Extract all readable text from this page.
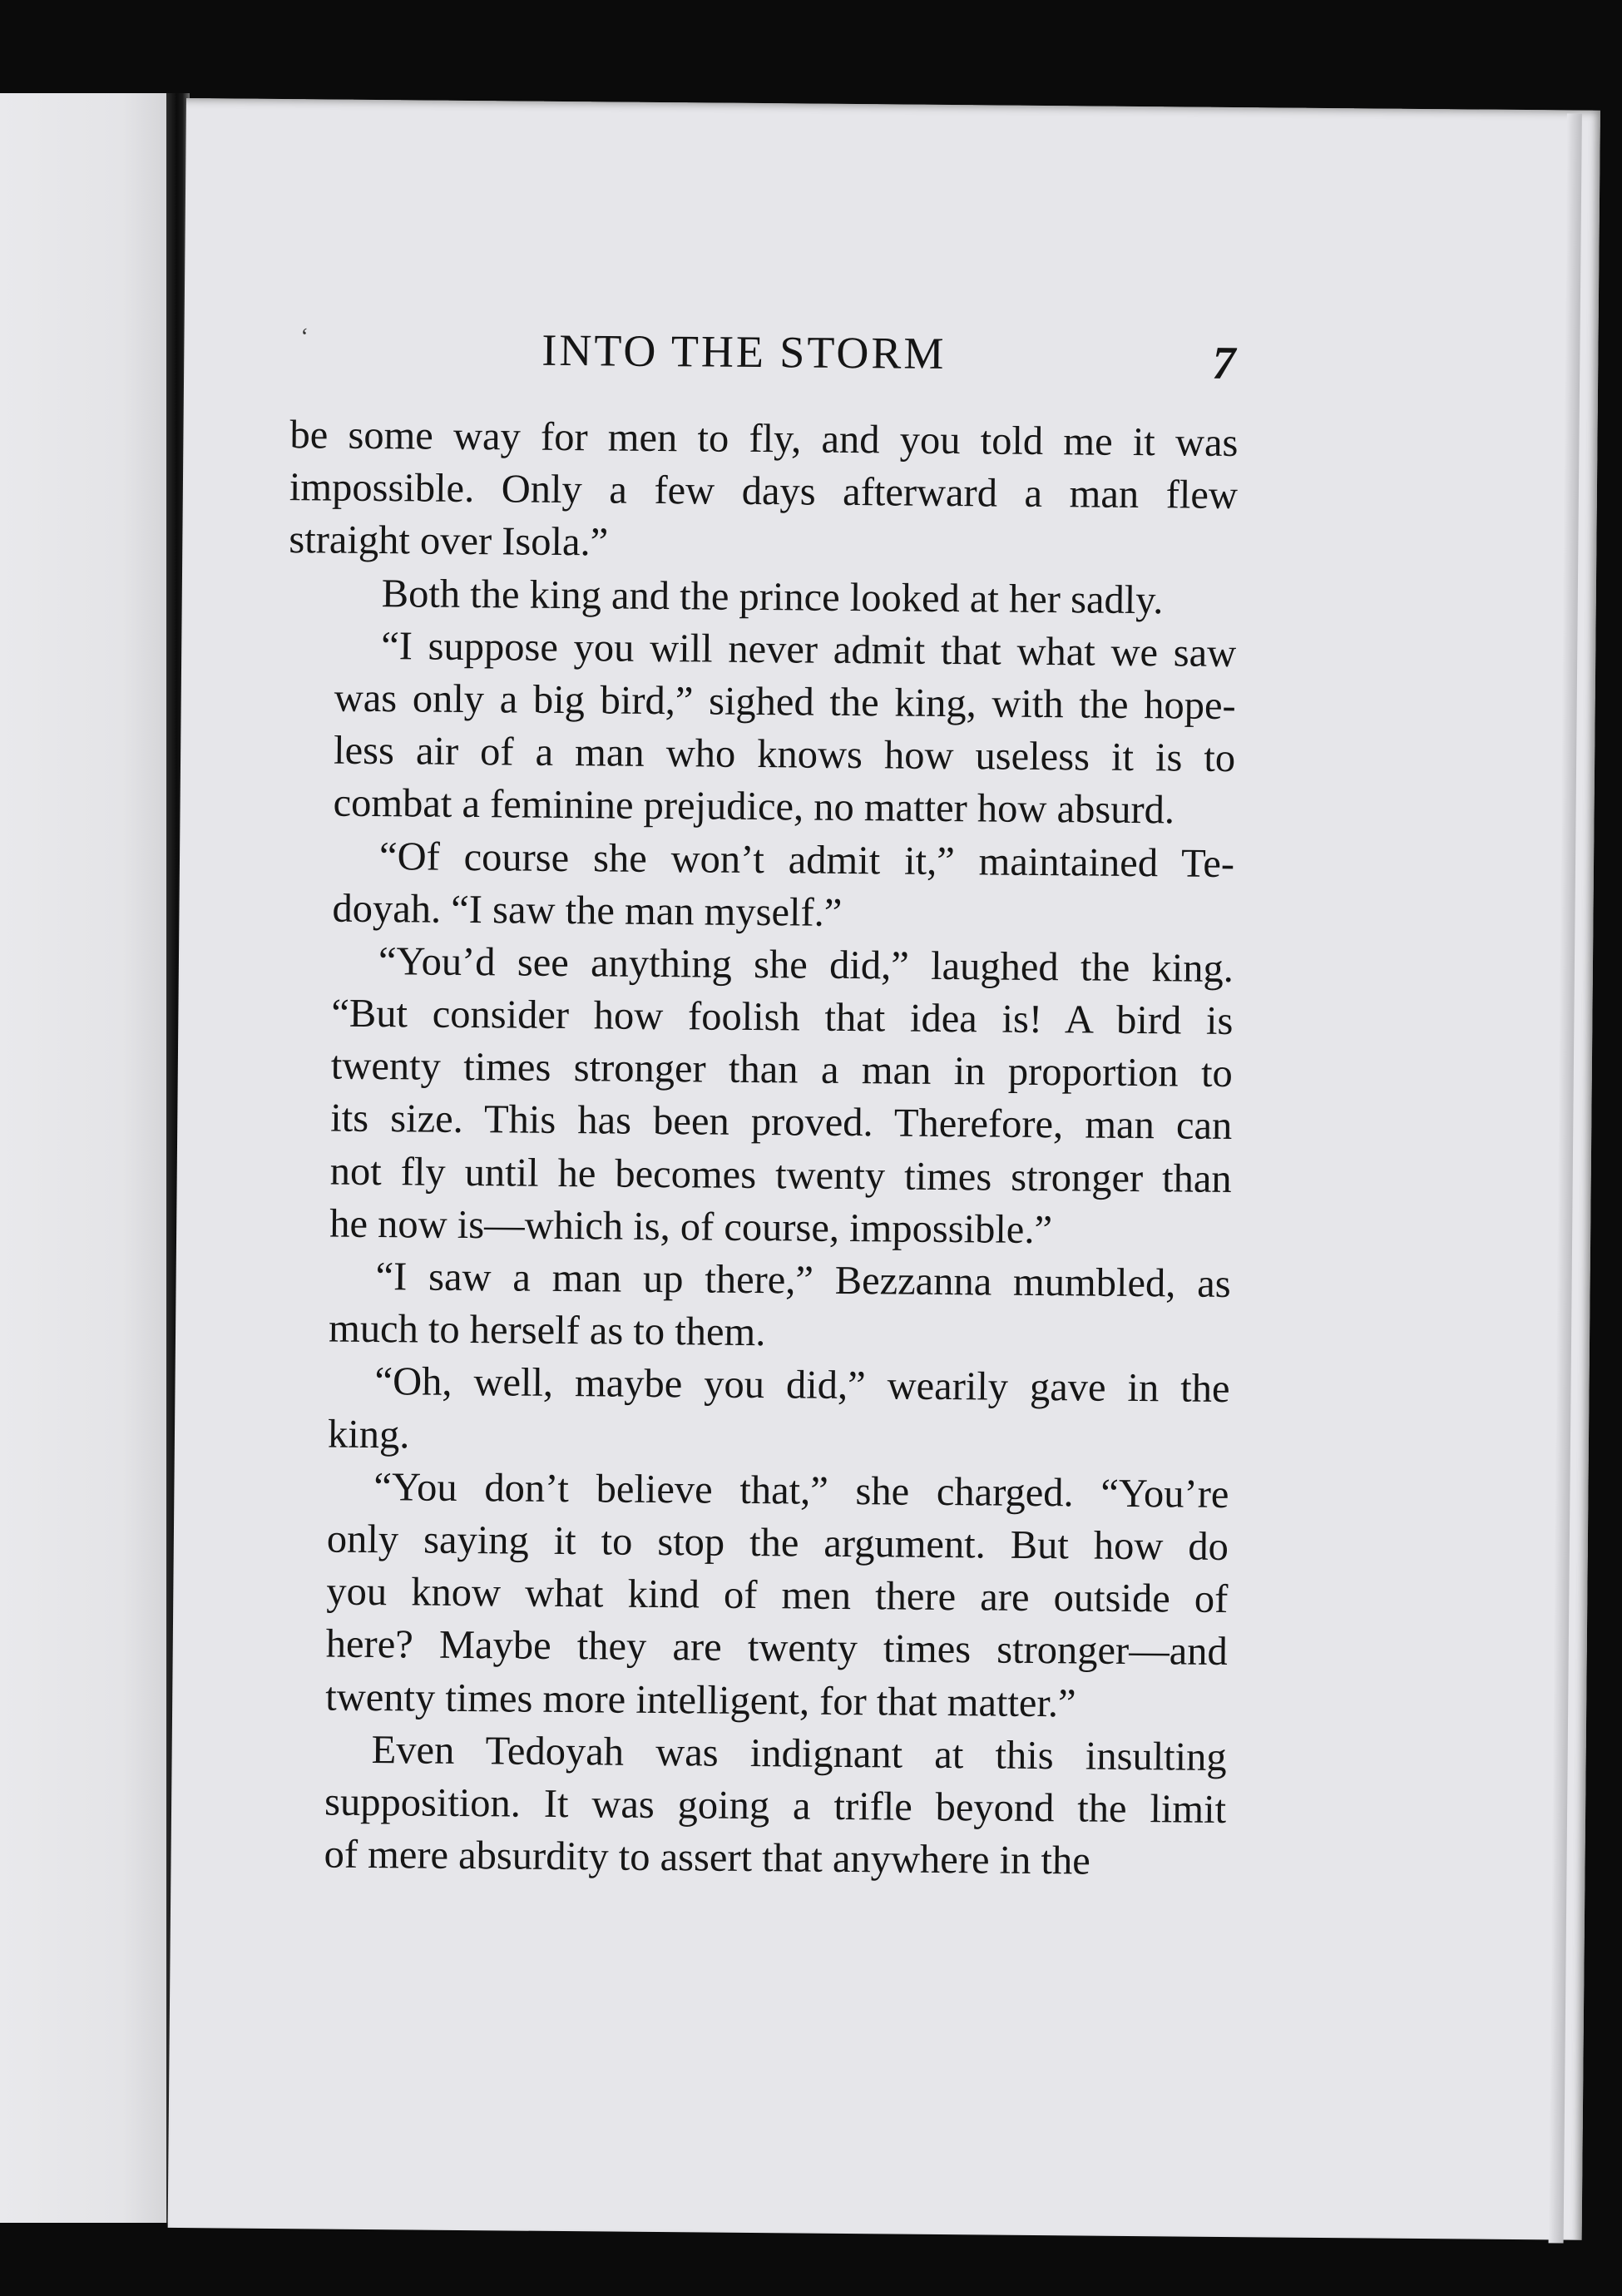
‘	INTO THE STORM	7

be some way for men to fly, and you told me it was
impossible. Only a few days afterward a man flew
straight over Isola.”

Both the king and the prince looked at her sadly.

“I suppose you will never admit that what we saw
was only a big bird,” sighed the king, with the hope-
less air of a man who knows how useless it is to
combat a feminine prejudice, no matter how absurd.

“Of course she won’t admit it,” maintained Te-
doyah. “I saw the man myself.”

“You’d see anything she did,” laughed the king.
“But consider how foolish that idea is! A bird is
twenty times stronger than a man in proportion to
its size. This has been proved. Therefore, man can
not fly until he becomes twenty times stronger than
he now is—which is, of course, impossible.”

“I saw a man up there,” Bezzanna mumbled, as
much to herself as to them.

“Oh, well, maybe you did,” wearily gave in the
king.

“You don’t believe that,” she charged. “You’re
only saying it to stop the argument. But how do
you know what kind of men there are outside of
here? Maybe they are twenty times stronger—and
twenty times more intelligent, for that matter.”

Even Tedoyah was indignant at this insulting
supposition. It was going a trifle beyond the limit
of mere absurdity to assert that anywhere in the
